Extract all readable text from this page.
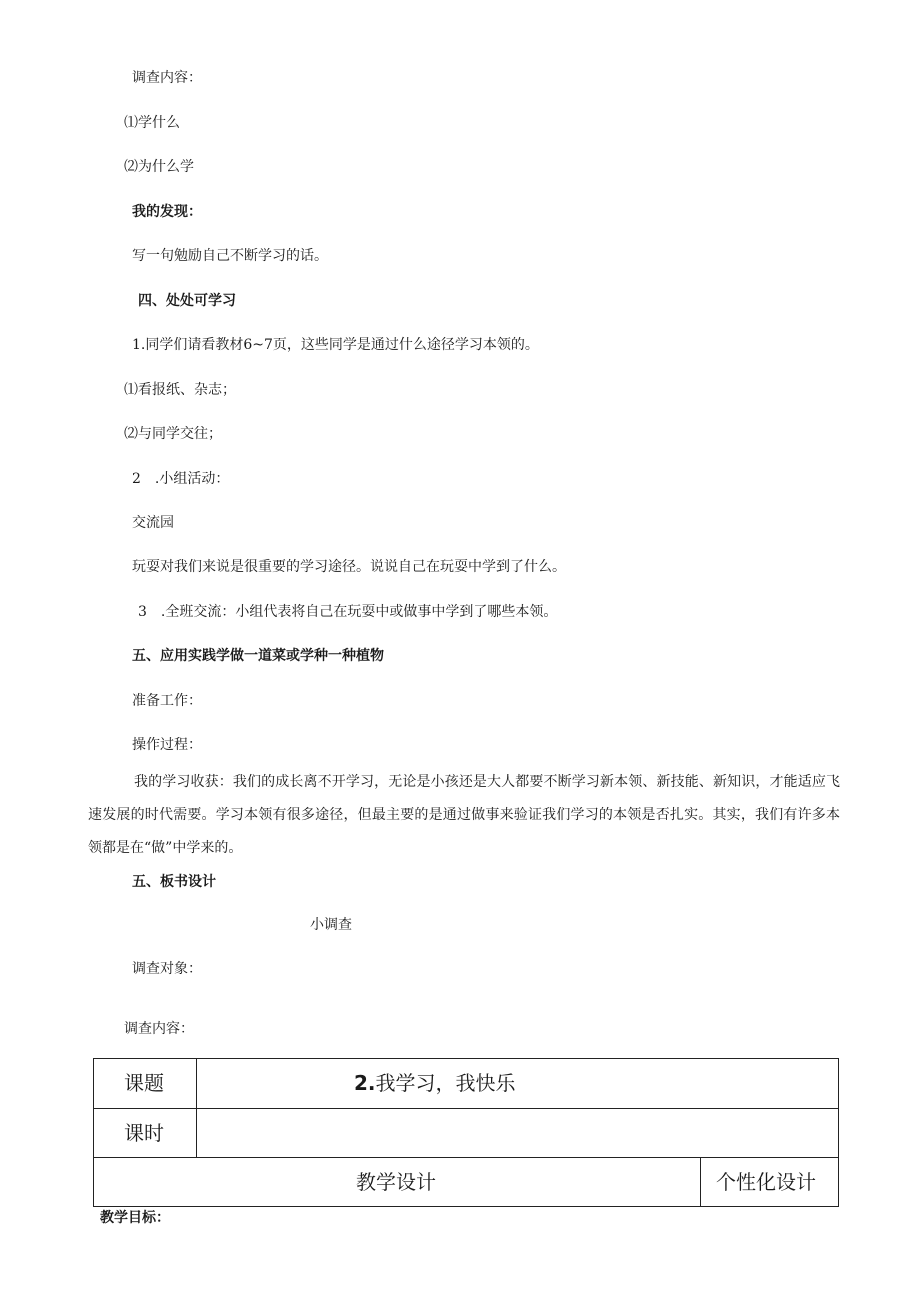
调查内容：

⑴学什么

⑵为什么学

我的发现：

写一句勉励自己不断学习的话。

四、处处可学习

1.同学们请看教材6~7页，这些同学是通过什么途径学习本领的。

⑴看报纸、杂志；

⑵与同学交往；

2　.小组活动：

交流园

玩耍对我们来说是很重要的学习途径。说说自己在玩耍中学到了什么。

3　.全班交流：小组代表将自己在玩耍中或做事中学到了哪些本领。

五、应用实践学做一道菜或学种一种植物

准备工作：

操作过程：

我的学习收获：我们的成长离不开学习，无论是小孩还是大人都要不断学习新本领、新技能、新知识，才能适应飞速发展的时代需要。学习本领有很多途径，但最主要的是通过做事来验证我们学习的本领是否扎实。其实，我们有许多本领都是在“做”中学来的。

五、板书设计

小调查

调查对象：

调查内容：

课题	2.我学习，我快乐
课时
教学设计	个性化设计

教学目标：
